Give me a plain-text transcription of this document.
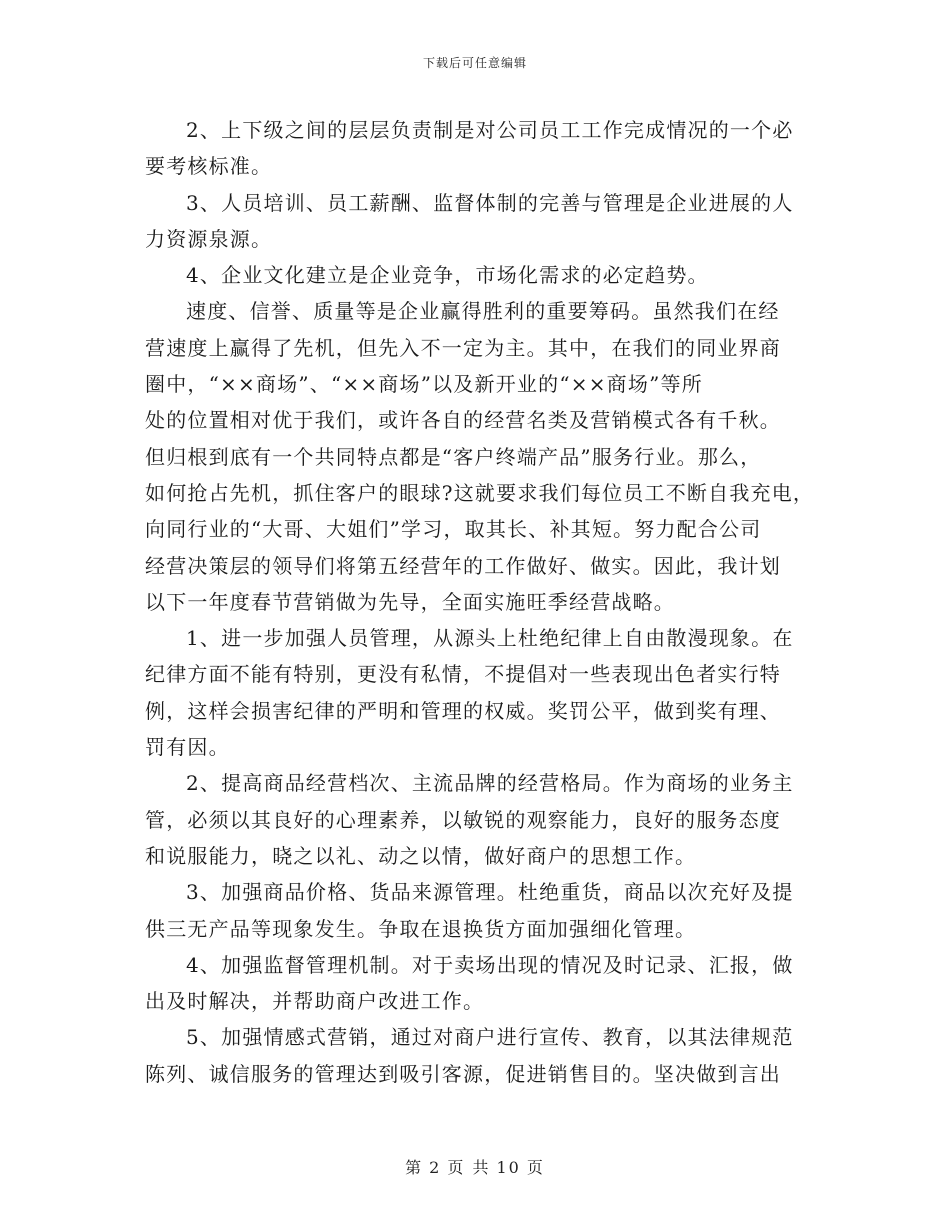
下载后可任意编辑
2、上下级之间的层层负责制是对公司员工工作完成情况的一个必
要考核标准。
3、人员培训、员工薪酬、监督体制的完善与管理是企业进展的人
力资源泉源。
4、企业文化建立是企业竞争，市场化需求的必定趋势。
速度、信誉、质量等是企业赢得胜利的重要筹码。虽然我们在经
营速度上赢得了先机，但先入不一定为主。其中，在我们的同业界商
圈中，“××商场”、“××商场”以及新开业的“××商场”等所
处的位置相对优于我们，或许各自的经营名类及营销模式各有千秋。
但归根到底有一个共同特点都是“客户终端产品”服务行业。那么，
如何抢占先机，抓住客户的眼球?这就要求我们每位员工不断自我充电，
向同行业的“大哥、大姐们”学习，取其长、补其短。努力配合公司
经营决策层的领导们将第五经营年的工作做好、做实。因此，我计划
以下一年度春节营销做为先导，全面实施旺季经营战略。
1、进一步加强人员管理，从源头上杜绝纪律上自由散漫现象。在
纪律方面不能有特别，更没有私情，不提倡对一些表现出色者实行特
例，这样会损害纪律的严明和管理的权威。奖罚公平，做到奖有理、
罚有因。
2、提高商品经营档次、主流品牌的经营格局。作为商场的业务主
管，必须以其良好的心理素养，以敏锐的观察能力，良好的服务态度
和说服能力，晓之以礼、动之以情，做好商户的思想工作。
3、加强商品价格、货品来源管理。杜绝重货，商品以次充好及提
供三无产品等现象发生。争取在退换货方面加强细化管理。
4、加强监督管理机制。对于卖场出现的情况及时记录、汇报，做
出及时解决，并帮助商户改进工作。
5、加强情感式营销，通过对商户进行宣传、教育，以其法律规范
陈列、诚信服务的管理达到吸引客源，促进销售目的。坚决做到言出
第 2 页 共 10 页
